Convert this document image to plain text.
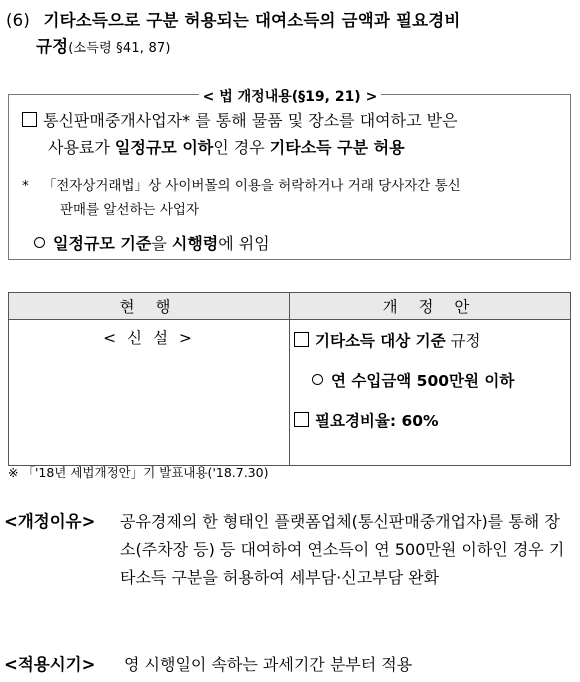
(6) 기타소득으로 구분 허용되는 대여소득의 금액과 필요경비
규정(소득령 §41, 87)
< 법 개정내용(§19, 21) >
통신판매중개사업자* 를 통해 물품 및 장소를 대여하고 받은
사용료가 일정규모 이하인 경우 기타소득 구분 허용
* 「전자상거래법」상 사이버몰의 이용을 허락하거나 거래 당사자간 통신
판매를 알선하는 사업자
일정규모 기준을 시행령에 위임
현 행	개 정 안
< 신 설 >	기타소득 대상 기준 규정
연 수입금액 500만원 이하
필요경비율: 60%
※ 「'18년 세법개정안」기 발표내용('18.7.30)
<개정이유> 공유경제의 한 형태인 플랫폼업체(통신판매중개업자)를 통해 장소(주차장 등) 등 대여하여 연소득이 연 500만원 이하인 경우 기타소득 구분을 허용하여 세부담·신고부담 완화
<적용시기> 영 시행일이 속하는 과세기간 분부터 적용
